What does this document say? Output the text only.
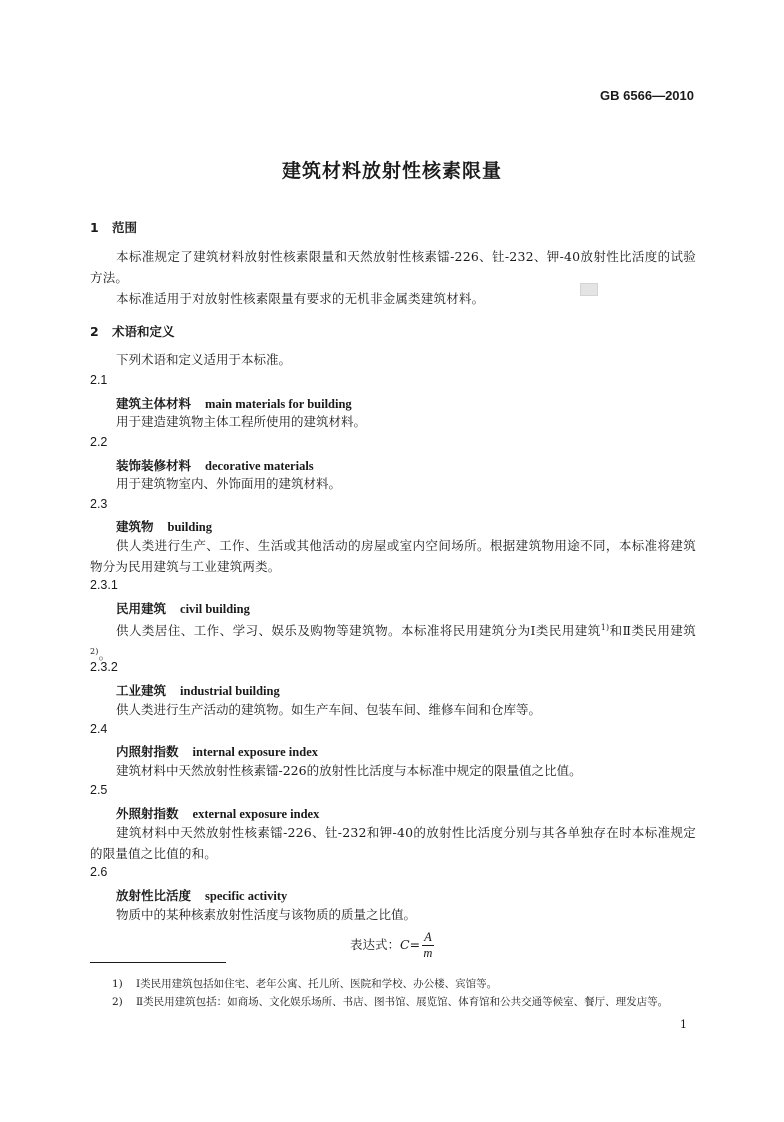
GB 6566—2010
建筑材料放射性核素限量
1 范围
本标准规定了建筑材料放射性核素限量和天然放射性核素镭-226、钍-232、钾-40放射性比活度的试验方法。
本标准适用于对放射性核素限量有要求的无机非金属类建筑材料。
2 术语和定义
下列术语和定义适用于本标准。
2.1
建筑主体材料 main materials for building
用于建造建筑物主体工程所使用的建筑材料。
2.2
装饰装修材料 decorative materials
用于建筑物室内、外饰面用的建筑材料。
2.3
建筑物 building
供人类进行生产、工作、生活或其他活动的房屋或室内空间场所。根据建筑物用途不同，本标准将建筑物分为民用建筑与工业建筑两类。
2.3.1
民用建筑 civil building
供人类居住、工作、学习、娱乐及购物等建筑物。本标准将民用建筑分为Ⅰ类民用建筑$^{1)}$和Ⅱ类民用建筑$^{2)}$。
2.3.2
工业建筑 industrial building
供人类进行生产活动的建筑物。如生产车间、包装车间、维修车间和仓库等。
2.4
内照射指数 internal exposure index
建筑材料中天然放射性核素镭-226的放射性比活度与本标准中规定的限量值之比值。
2.5
外照射指数 external exposure index
建筑材料中天然放射性核素镭-226、钍-232和钾-40的放射性比活度分别与其各单独存在时本标准规定的限量值之比值的和。
2.6
放射性比活度 specific activity
物质中的某种核素放射性活度与该物质的质量之比值。
表达式：$C= \frac{A}{m}$
1) Ⅰ类民用建筑包括如住宅、老年公寓、托儿所、医院和学校、办公楼、宾馆等。
2) Ⅱ类民用建筑包括：如商场、文化娱乐场所、书店、图书馆、展览馆、体育馆和公共交通等候室、餐厅、理发店等。
1
